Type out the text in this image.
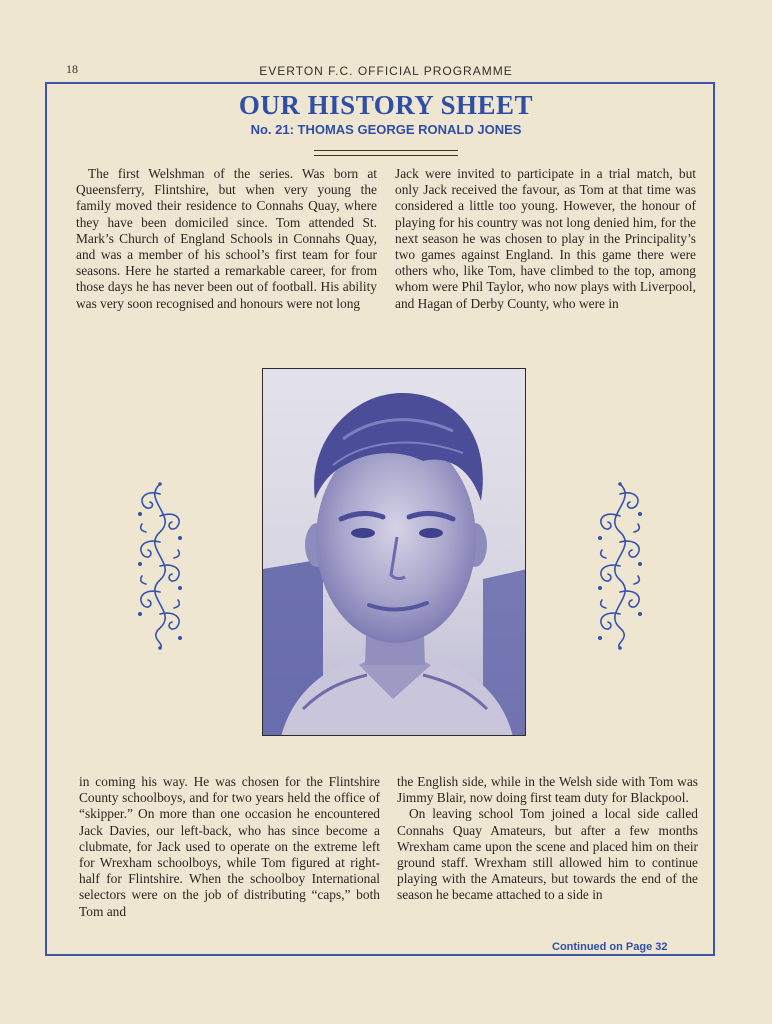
18	EVERTON F.C. OFFICIAL PROGRAMME
OUR HISTORY SHEET
No. 21: THOMAS GEORGE RONALD JONES

The first Welshman of the series. Was born at Queensferry, Flintshire, but when very young the family moved their residence to Connahs Quay, where they have been domiciled since. Tom attended St. Mark’s Church of England Schools in Connahs Quay, and was a member of his school’s first team for four seasons. Here he started a remarkable career, for from those days he has never been out of football. His ability was very soon recognised and honours were not long

Jack were invited to participate in a trial match, but only Jack received the favour, as Tom at that time was considered a little too young. However, the honour of playing for his country was not long denied him, for the next season he was chosen to play in the Principality’s two games against England. In this game there were others who, like Tom, have climbed to the top, among whom were Phil Taylor, who now plays with Liverpool, and Hagan of Derby County, who were in

in coming his way. He was chosen for the Flintshire County schoolboys, and for two years held the office of “skipper.” On more than one occasion he encountered Jack Davies, our left-back, who has since become a clubmate, for Jack used to operate on the extreme left for Wrexham schoolboys, while Tom figured at right-half for Flintshire. When the schoolboy International selectors were on the job of distributing “caps,” both Tom and

the English side, while in the Welsh side with Tom was Jimmy Blair, now doing first team duty for Blackpool.

On leaving school Tom joined a local side called Connahs Quay Amateurs, but after a few months Wrexham came upon the scene and placed him on their ground staff. Wrexham still allowed him to continue playing with the Amateurs, but towards the end of the season he became attached to a side in

Continued on Page 32
